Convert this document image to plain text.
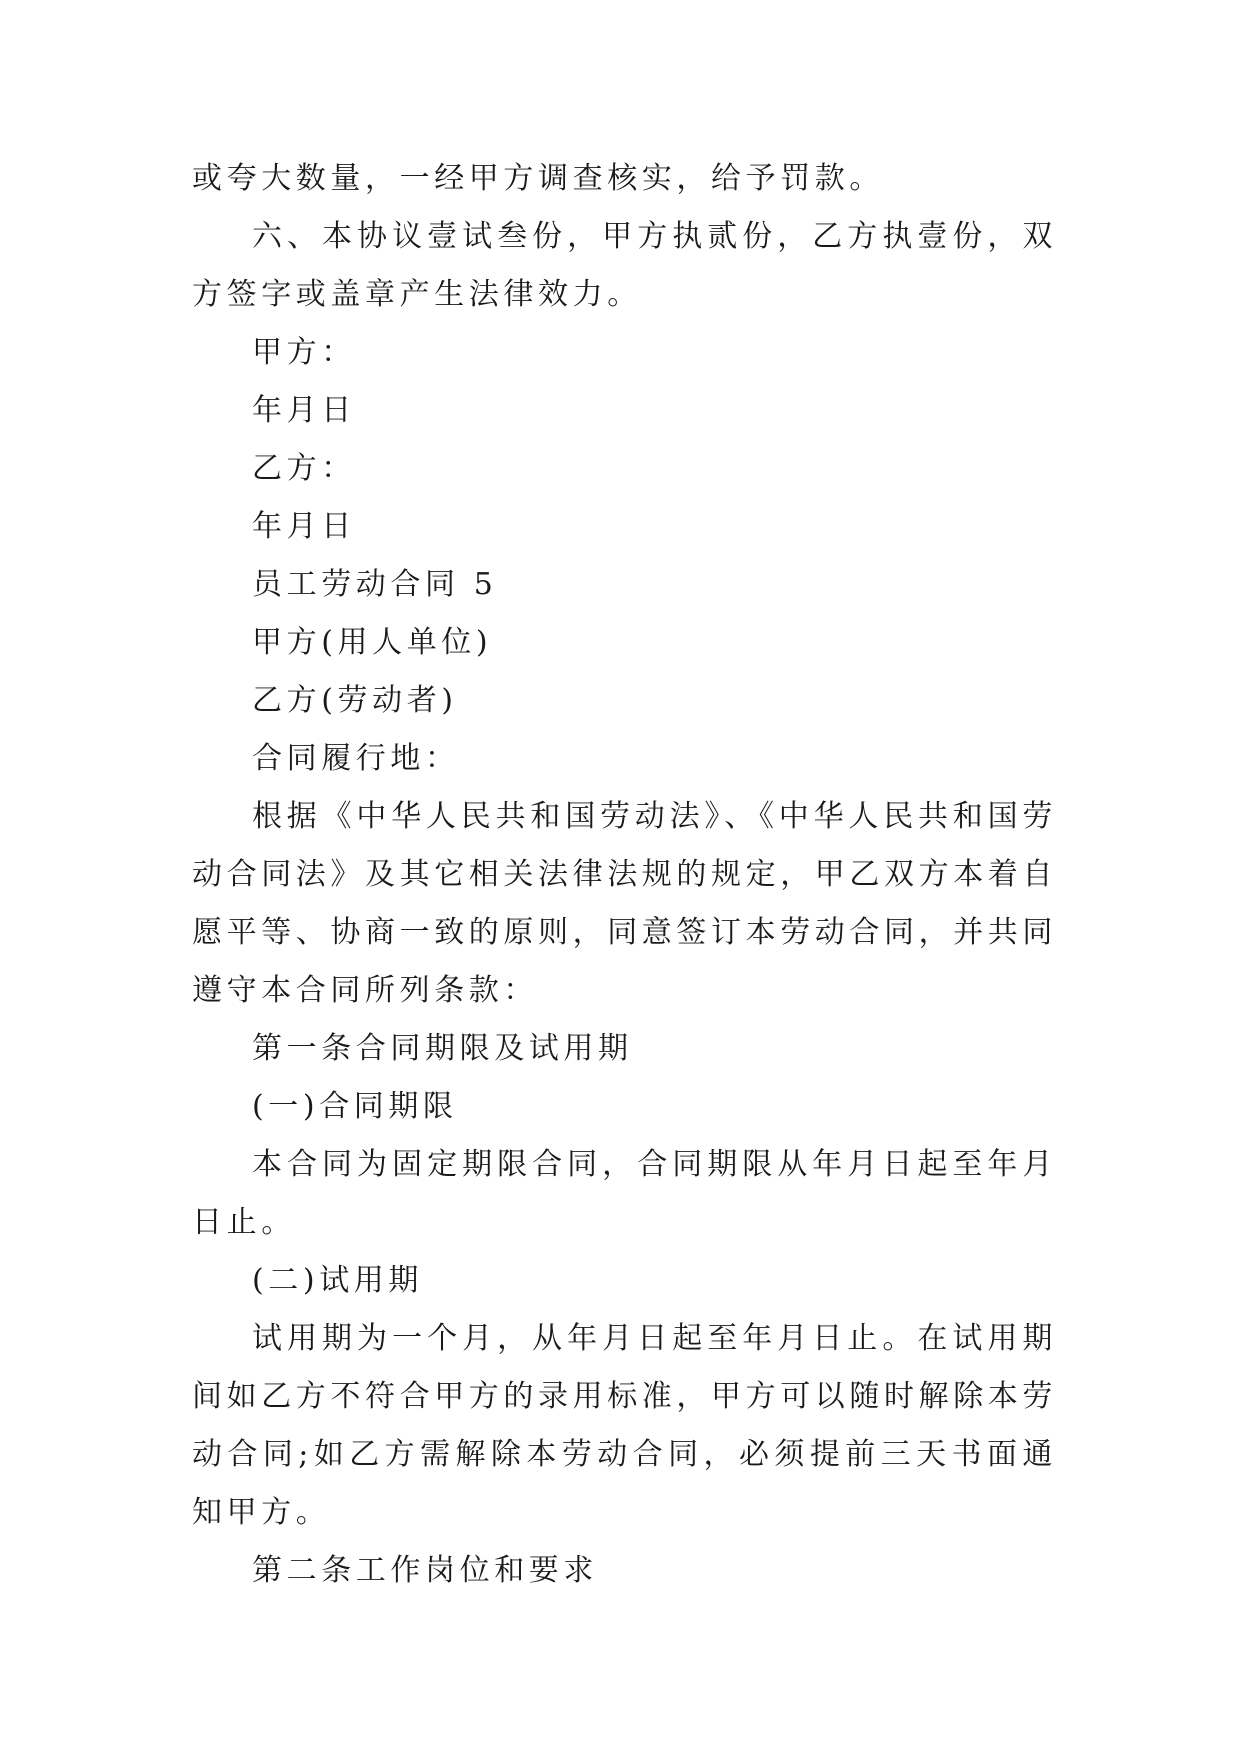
或夸大数量，一经甲方调查核实，给予罚款。

六、本协议壹试叁份，甲方执贰份，乙方执壹份，双方签字或盖章产生法律效力。

甲方：

年月日

乙方：

年月日

员工劳动合同 5

甲方(用人单位)

乙方(劳动者)

合同履行地：

根据《中华人民共和国劳动法》、《中华人民共和国劳动合同法》及其它相关法律法规的规定，甲乙双方本着自愿平等、协商一致的原则，同意签订本劳动合同，并共同遵守本合同所列条款：

第一条合同期限及试用期

(一)合同期限

本合同为固定期限合同，合同期限从年月日起至年月日止。

(二)试用期

试用期为一个月，从年月日起至年月日止。在试用期间如乙方不符合甲方的录用标准，甲方可以随时解除本劳动合同;如乙方需解除本劳动合同，必须提前三天书面通知甲方。

第二条工作岗位和要求
